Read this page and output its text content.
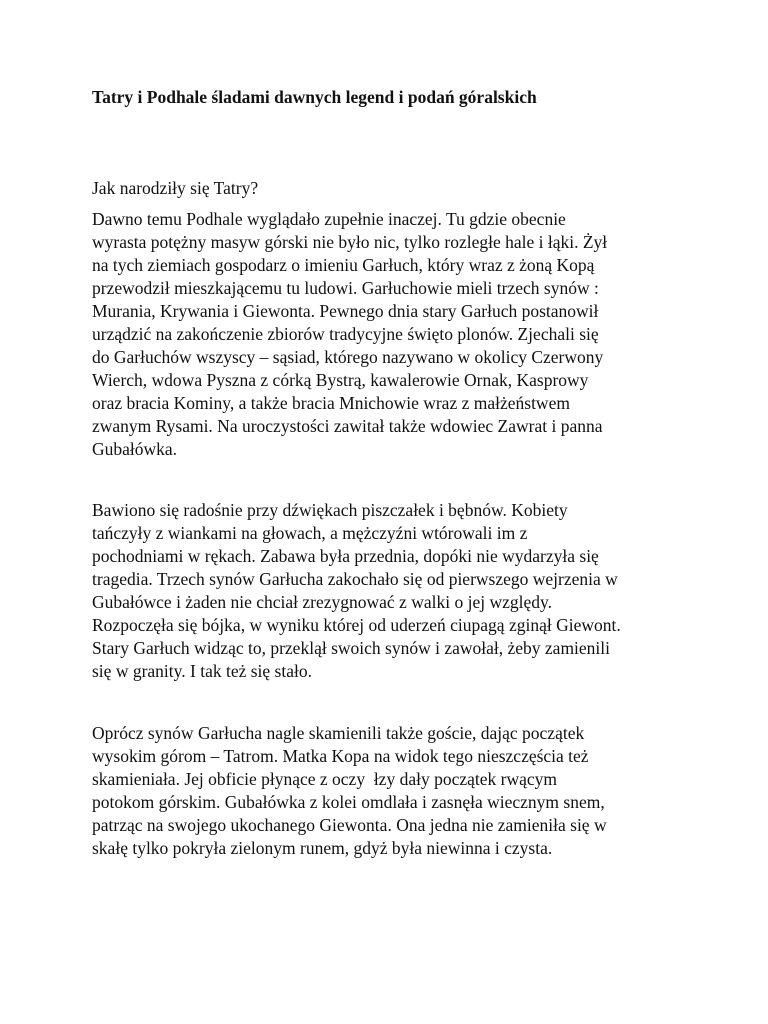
Tatry i Podhale śladami dawnych legend i podań góralskich
Jak narodziły się Tatry?

Dawno temu Podhale wyglądało zupełnie inaczej. Tu gdzie obecnie
wyrasta potężny masyw górski nie było nic, tylko rozległe hale i łąki. Żył
na tych ziemiach gospodarz o imieniu Garłuch, który wraz z żoną Kopą
przewodził mieszkającemu tu ludowi. Garłuchowie mieli trzech synów :
Murania, Krywania i Giewonta. Pewnego dnia stary Garłuch postanowił
urządzić na zakończenie zbiorów tradycyjne święto plonów. Zjechali się
do Garłuchów wszyscy – sąsiad, którego nazywano w okolicy Czerwony
Wierch, wdowa Pyszna z córką Bystrą, kawalerowie Ornak, Kasprowy
oraz bracia Kominy, a także bracia Mnichowie wraz z małżeństwem
zwanym Rysami. Na uroczystości zawitał także wdowiec Zawrat i panna
Gubałówka.

Bawiono się radośnie przy dźwiękach piszczałek i bębnów. Kobiety
tańczyły z wiankami na głowach, a mężczyźni wtórowali im z
pochodniami w rękach. Zabawa była przednia, dopóki nie wydarzyła się
tragedia. Trzech synów Garłucha zakochało się od pierwszego wejrzenia w
Gubałówce i żaden nie chciał zrezygnować z walki o jej względy.
Rozpoczęła się bójka, w wyniku której od uderzeń ciupagą zginął Giewont.
Stary Garłuch widząc to, przeklął swoich synów i zawołał, żeby zamienili
się w granity. I tak też się stało.

Oprócz synów Garłucha nagle skamienili także goście, dając początek
wysokim górom – Tatrom. Matka Kopa na widok tego nieszczęścia też
skamieniała. Jej obficie płynące z oczy  łzy dały początek rwącym
potokom górskim. Gubałówka z kolei omdlała i zasnęła wiecznym snem,
patrząc na swojego ukochanego Giewonta. Ona jedna nie zamieniła się w
skałę tylko pokryła zielonym runem, gdyż była niewinna i czysta.
